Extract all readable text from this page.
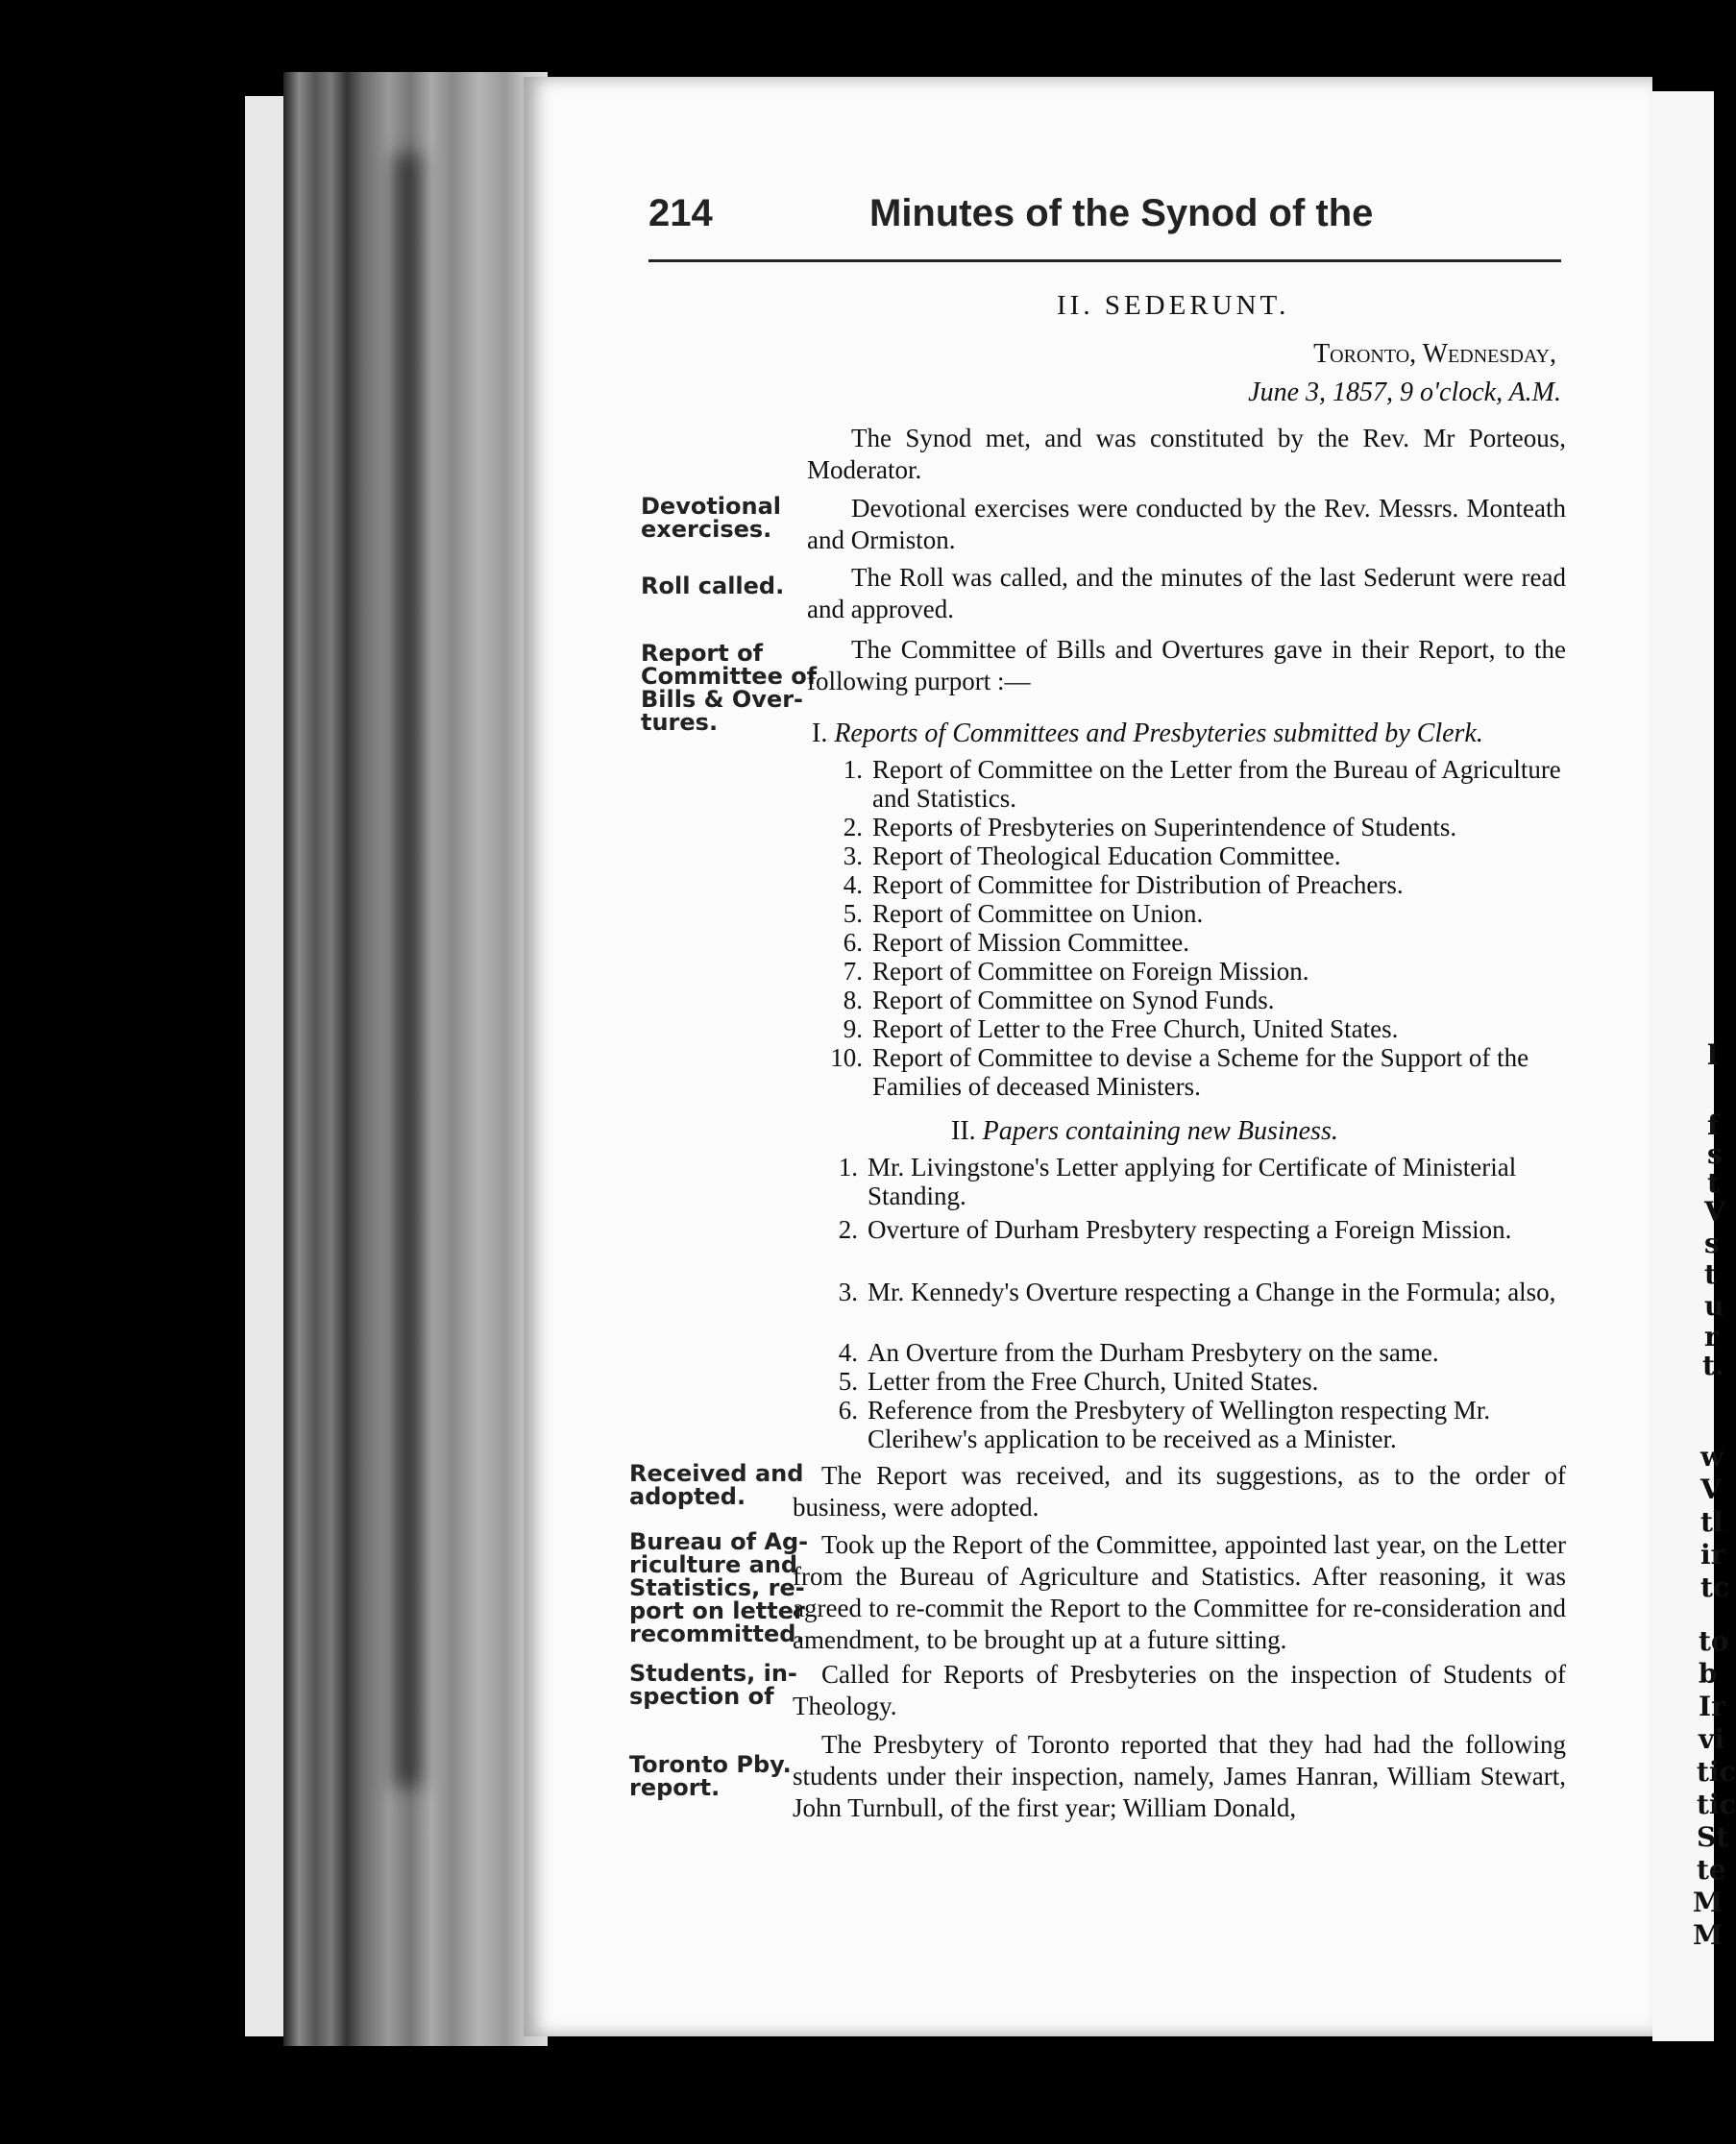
214	Minutes of the Synod of the
II. SEDERUNT.
Toronto, Wednesday,
June 3, 1857, 9 o'clock, A.M.
The Synod met, and was constituted by the Rev. Mr Porteous, Moderator.
Devotional
exercises.
Devotional exercises were conducted by the Rev. Messrs. Monteath and Ormiston.
Roll called.	The Roll was called, and the minutes of the last Sederunt were read and approved.
Report of
Committee of
Bills & Over-
tures.
The Committee of Bills and Overtures gave in their Report, to the following purport :—
I. Reports of Committees and Presbyteries submitted by Clerk.
1. Report of Committee on the Letter from the Bureau of Agriculture and Statistics.
2. Reports of Presbyteries on Superintendence of Students.
3. Report of Theological Education Committee.
4. Report of Committee for Distribution of Preachers.
5. Report of Committee on Union.
6. Report of Mission Committee.
7. Report of Committee on Foreign Mission.
8. Report of Committee on Synod Funds.
9. Report of Letter to the Free Church, United States.
10. Report of Committee to devise a Scheme for the Support of the Families of deceased Ministers.
II. Papers containing new Business.
1. Mr. Livingstone's Letter applying for Certificate of Ministerial Standing.
2. Overture of Durham Presbytery respecting a Foreign Mission.
3. Mr. Kennedy's Overture respecting a Change in the Formula; also,
4. An Overture from the Durham Presbytery on the same.
5. Letter from the Free Church, United States.
6. Reference from the Presbytery of Wellington respecting Mr. Clerihew's application to be received as a Minister.
Received and
adopted.
The Report was received, and its suggestions, as to the order of business, were adopted.
Bureau of Ag-
riculture and
Statistics, re-
port on letter
recommitted.
Took up the Report of the Committee, appointed last year, on the Letter from the Bureau of Agriculture and Statistics. After reasoning, it was agreed to re-commit the Report to the Committee for re-consideration and amendment, to be brought up at a future sitting.
Students, in-
spection of
Called for Reports of Presbyteries on the inspection of Students of Theology.
Toronto Pby.
report.
The Presbytery of Toronto reported that they had had the following students under their inspection, namely, James Hanran, William Stewart, John Turnbull, of the first year; William Donald,
l
f
s
t
V
s
t
u
r
t.
w
V
tl
ir
tc
to
b
Ir
vi
tic
tic
St
te
M
M
